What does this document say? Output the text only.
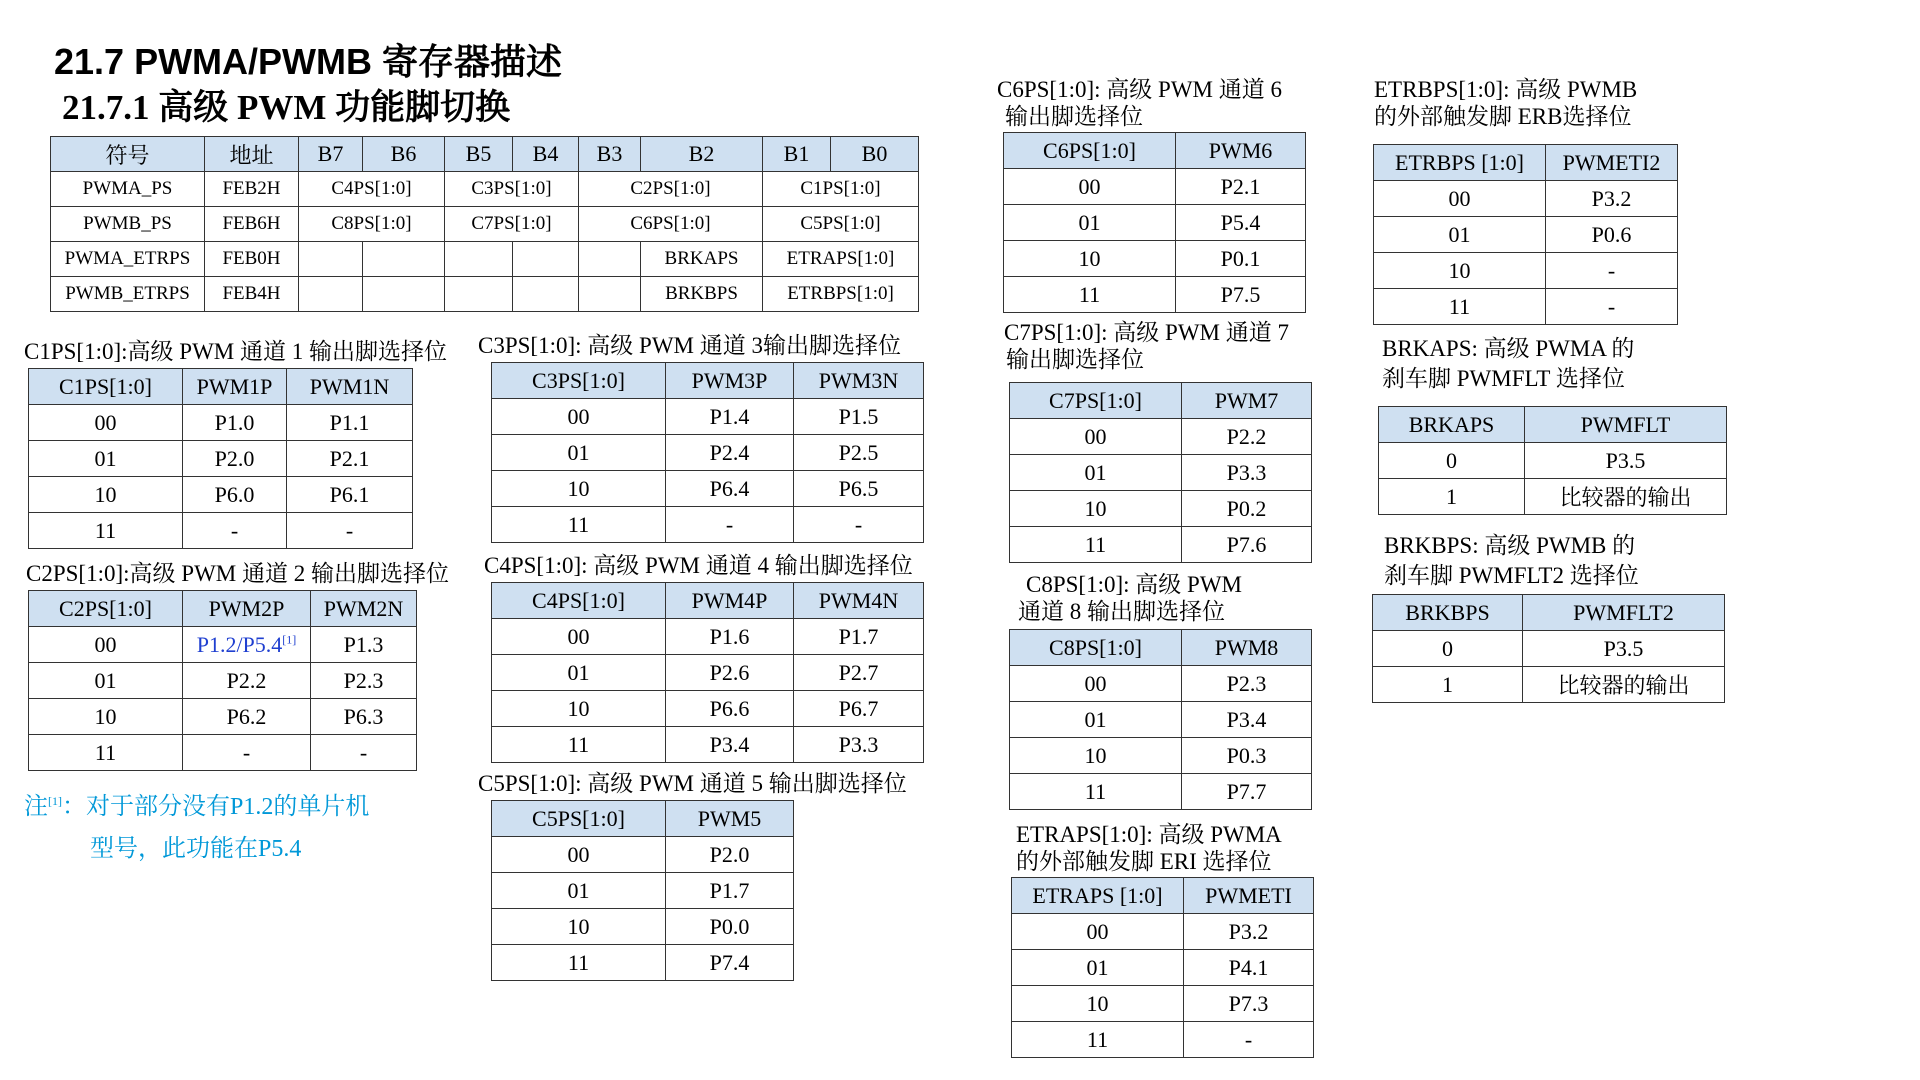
21.7 PWMA/PWMB 寄存器描述
21.7.1 高级 PWM 功能脚切换
符号	地址	B7	B6	B5	B4	B3	B2	B1	B0
PWMA_PS	FEB2H	C4PS[1:0]		C3PS[1:0]		C2PS[1:0]		C1PS[1:0]	
PWMB_PS	FEB6H	C8PS[1:0]		C7PS[1:0]		C6PS[1:0]		C5PS[1:0]	
PWMA_ETRPS	FEB0H						BRKAPS	ETRAPS[1:0]	
PWMB_ETRPS	FEB4H						BRKBPS	ETRBPS[1:0]	
C1PS[1:0]:高级 PWM 通道 1 输出脚选择位
C1PS[1:0]	PWM1P	PWM1N
00	P1.0	P1.1
01	P2.0	P2.1
10	P6.0	P6.1
11	-	-
C2PS[1:0]:高级 PWM 通道 2 输出脚选择位
C2PS[1:0]	PWM2P	PWM2N
00	P1.2/P5.4[1]	P1.3
01	P2.2	P2.3
10	P6.2	P6.3
11	-	-
注[1]：对于部分没有P1.2的单片机
型号，此功能在P5.4
C3PS[1:0]: 高级 PWM 通道 3输出脚选择位
C3PS[1:0]	PWM3P	PWM3N
00	P1.4	P1.5
01	P2.4	P2.5
10	P6.4	P6.5
11	-	-
C4PS[1:0]: 高级 PWM 通道 4 输出脚选择位
C4PS[1:0]	PWM4P	PWM4N
00	P1.6	P1.7
01	P2.6	P2.7
10	P6.6	P6.7
11	P3.4	P3.3
C5PS[1:0]: 高级 PWM 通道 5 输出脚选择位
C5PS[1:0]	PWM5
00	P2.0
01	P1.7
10	P0.0
11	P7.4
C6PS[1:0]: 高级 PWM 通道 6
输出脚选择位
C6PS[1:0]	PWM6
00	P2.1
01	P5.4
10	P0.1
11	P7.5
C7PS[1:0]: 高级 PWM 通道 7
输出脚选择位
C7PS[1:0]	PWM7
00	P2.2
01	P3.3
10	P0.2
11	P7.6
C8PS[1:0]: 高级 PWM
通道 8 输出脚选择位
C8PS[1:0]	PWM8
00	P2.3
01	P3.4
10	P0.3
11	P7.7
ETRAPS[1:0]: 高级 PWMA
的外部触发脚 ERI 选择位
ETRAPS [1:0]	PWMETI
00	P3.2
01	P4.1
10	P7.3
11	-
ETRBPS[1:0]: 高级 PWMB
的外部触发脚 ERB选择位
ETRBPS [1:0]	PWMETI2
00	P3.2
01	P0.6
10	-
11	-
BRKAPS: 高级 PWMA 的
刹车脚 PWMFLT 选择位
BRKAPS	PWMFLT
0	P3.5
1	比较器的输出
BRKBPS: 高级 PWMB 的
刹车脚 PWMFLT2 选择位
BRKBPS	PWMFLT2
0	P3.5
1	比较器的输出
